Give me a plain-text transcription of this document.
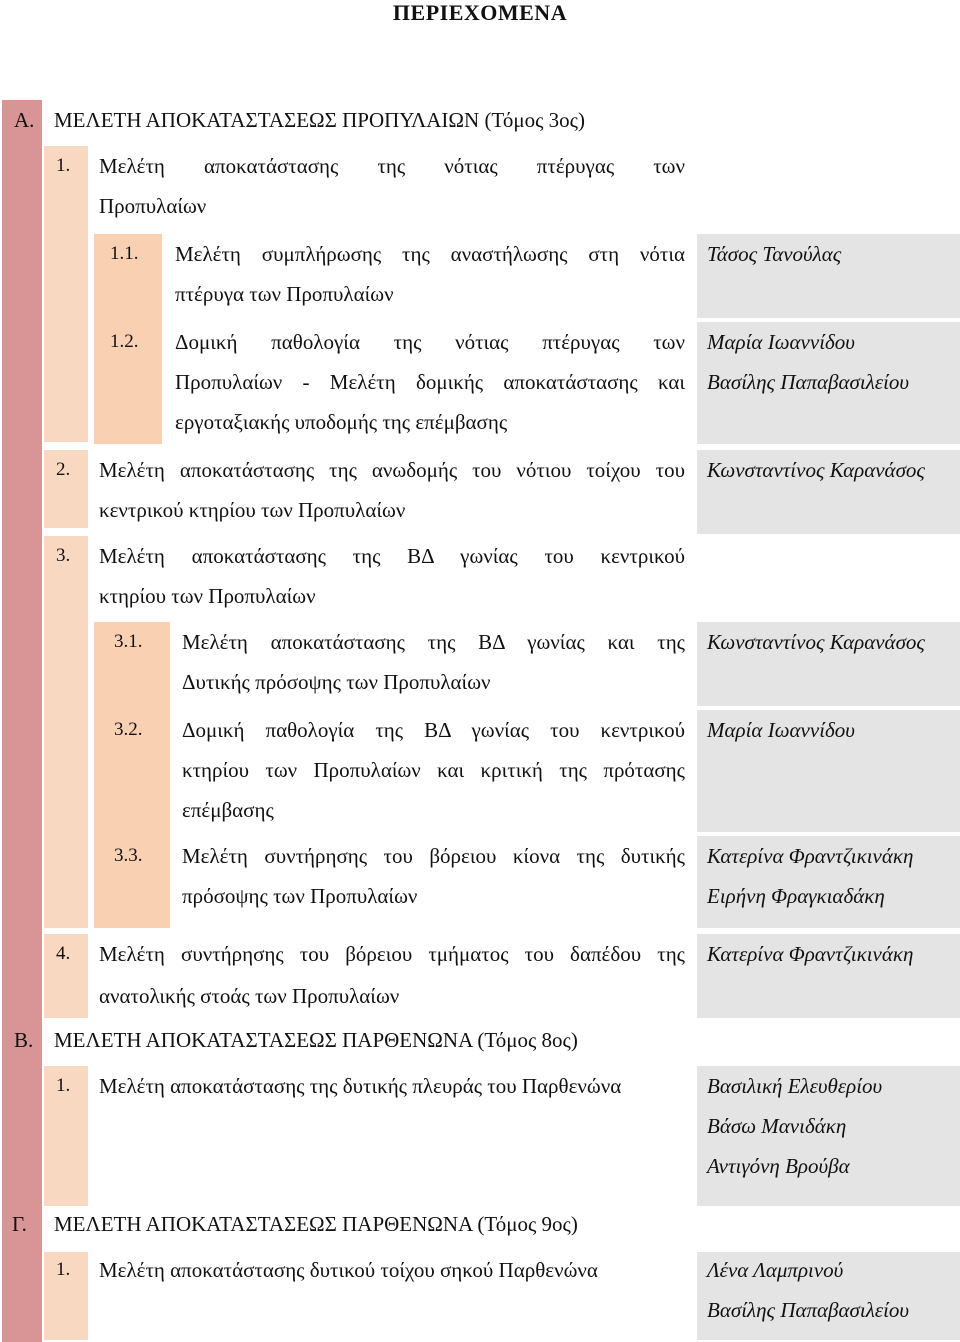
ΠΕΡΙΕΧΟΜΕΝΑ
Α. ΜΕΛΕΤΗ ΑΠΟΚΑΤΑΣΤΑΣΕΩΣ ΠΡΟΠΥΛΑΙΩΝ (Τόμος 3ος)
1. Μελέτη αποκατάστασης της νότιας πτέρυγας των
Προπυλαίων
1.1. Μελέτη συμπλήρωσης της αναστήλωσης στη νότια
πτέρυγα των Προπυλαίων
Τάσος Τανούλας
1.2. Δομική παθολογία της νότιας πτέρυγας των
Προπυλαίων - Μελέτη δομικής αποκατάστασης και
εργοταξιακής υποδομής της επέμβασης
Μαρία Ιωαννίδου
Βασίλης Παπαβασιλείου
2. Μελέτη αποκατάστασης της ανωδομής του νότιου τοίχου του
κεντρικού κτηρίου των Προπυλαίων
Κωνσταντίνος Καρανάσος
3. Μελέτη αποκατάστασης της ΒΔ γωνίας του κεντρικού
κτηρίου των Προπυλαίων
3.1. Μελέτη αποκατάστασης της ΒΔ γωνίας και της
Δυτικής πρόσοψης των Προπυλαίων
Κωνσταντίνος Καρανάσος
3.2. Δομική παθολογία της ΒΔ γωνίας του κεντρικού
κτηρίου των Προπυλαίων και κριτική της πρότασης
επέμβασης
Μαρία Ιωαννίδου
3.3. Μελέτη συντήρησης του βόρειου κίονα της δυτικής
πρόσοψης των Προπυλαίων
Κατερίνα Φραντζικινάκη
Ειρήνη Φραγκιαδάκη
4. Μελέτη συντήρησης του βόρειου τμήματος του δαπέδου της
ανατολικής στοάς των Προπυλαίων
Κατερίνα Φραντζικινάκη
Β. ΜΕΛΕΤΗ ΑΠΟΚΑΤΑΣΤΑΣΕΩΣ ΠΑΡΘΕΝΩΝΑ (Τόμος 8ος)
1. Μελέτη αποκατάστασης της δυτικής πλευράς του Παρθενώνα	Βασιλική Ελευθερίου
Βάσω Μανιδάκη
Αντιγόνη Βρούβα
Γ. ΜΕΛΕΤΗ ΑΠΟΚΑΤΑΣΤΑΣΕΩΣ ΠΑΡΘΕΝΩΝΑ (Τόμος 9ος)
1. Μελέτη αποκατάστασης δυτικού τοίχου σηκού Παρθενώνα	Λένα Λαμπρινού
Βασίλης Παπαβασιλείου
